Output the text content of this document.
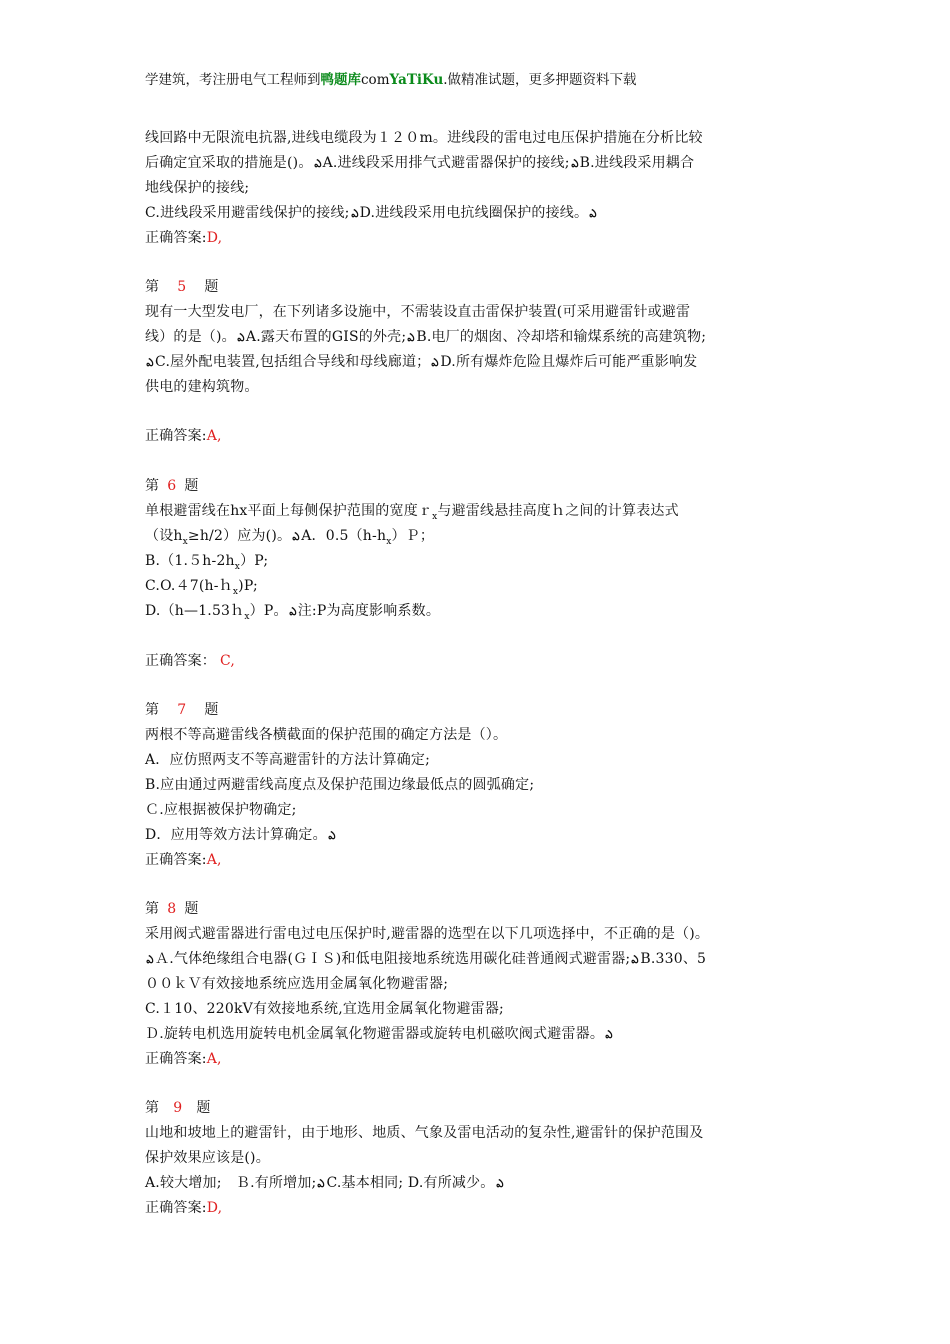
学建筑，考注册电气工程师到鸭题库comYaTiKu.做精准试题，更多押题资料下载
线回路中无限流电抗器,进线电缆段为１２０m。进线段的雷电过电压保护措施在分析比较
后确定宜采取的措施是()。ఎA.进线段采用排气式避雷器保护的接线;ఎB.进线段采用耦合
地线保护的接线;
C.进线段采用避雷线保护的接线;ఎD.进线段采用电抗线圈保护的接线。ఎ
正确答案:D,
第 5 题
现有一大型发电厂，在下列诸多设施中，不需装设直击雷保护装置(可采用避雷针或避雷
线）的是（)。ఎA.露天布置的GIS的外壳;ఎB.电厂的烟囱、冷却塔和输煤系统的高建筑物;
ఎC.屋外配电装置,包括组合导线和母线廊道；ఎD.所有爆炸危险且爆炸后可能严重影响发
供电的建构筑物。
正确答案:A,
第 6 题
单根避雷线在hx平面上每侧保护范围的宽度ｒ$_x$与避雷线悬挂高度ｈ之间的计算表达式
（设$h_x\ge h/2$）应为()。ఎA．$0.5(h-h_x)P$；
$B.(1.5h-2h_x)P$;
C.O.４7(h-ｈ$_x$)P;
D.（h—1.53ｈ$_x$）P。ఎ注:P为高度影响系数。
正确答案： C,
第 7 题
两根不等高避雷线各横截面的保护范围的确定方法是（）。
A．应仿照两支不等高避雷针的方法计算确定;
B.应由通过两避雷线高度点及保护范围边缘最低点的圆弧确定;
Ｃ.应根据被保护物确定;
D．应用等效方法计算确定。ఎ
正确答案:A,
第 8 题
采用阀式避雷器进行雷电过电压保护时,避雷器的选型在以下几项选择中，不正确的是（)。
ఎＡ.气体绝缘组合电器(ＧＩＳ)和低电阻接地系统选用碳化硅普通阀式避雷器;ఎB.330、5
００ｋＶ有效接地系统应选用金属氧化物避雷器;
C.１10、220kV有效接地系统,宜选用金属氧化物避雷器;
Ｄ.旋转电机选用旋转电机金属氧化物避雷器或旋转电机磁吹阀式避雷器。ఎ
正确答案:A,
第 9 题
山地和坡地上的避雷针，由于地形、地质、气象及雷电活动的复杂性,避雷针的保护范围及
保护效果应该是()。
A.较大增加;　Ｂ.有所增加;ఎC.基本相同; D.有所减少。ఎ
正确答案:D,
